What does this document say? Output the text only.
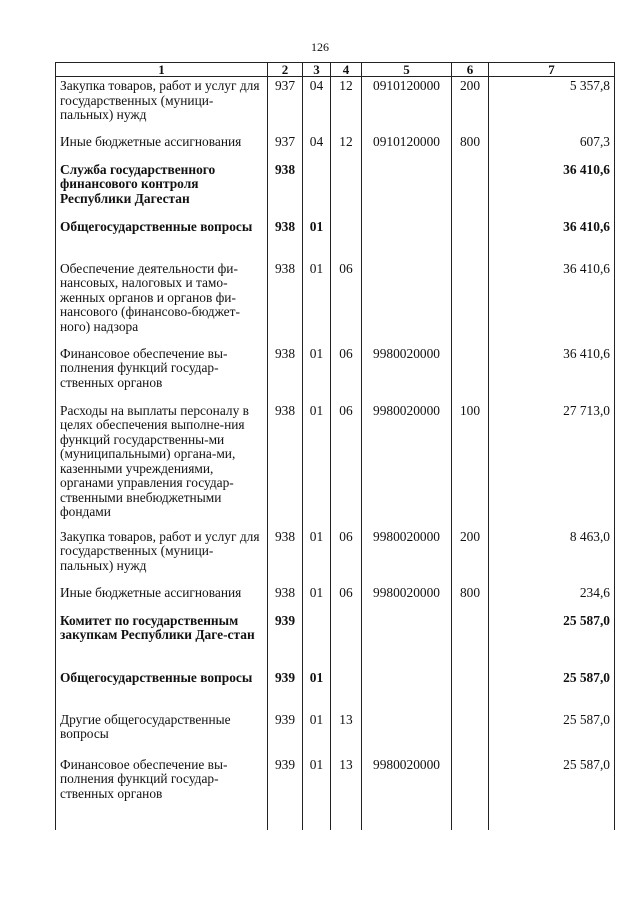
126
1	2	3	4	5	6	7
Закупка товаров, работ и услуг для государственных (муници-пальных) нужд	937	04	12	0910120000	200	5 357,8
Иные бюджетные ассигнования	937	04	12	0910120000	800	607,3
Служба государственного финансового контроля Республики Дагестан	938					36 410,6
Общегосударственные вопросы	938	01				36 410,6
Обеспечение деятельности фи-нансовых, налоговых и тамо-женных органов и органов фи-нансового (финансово-бюджет-ного) надзора	938	01	06			36 410,6
Финансовое обеспечение вы-полнения функций государ-ственных органов	938	01	06	9980020000		36 410,6
Расходы на выплаты персоналу в целях обеспечения выполне-ния функций государственны-ми (муниципальными) органа-ми, казенными учреждениями, органами управления государ-ственными внебюджетными фондами	938	01	06	9980020000	100	27 713,0
Закупка товаров, работ и услуг для государственных (муници-пальных) нужд	938	01	06	9980020000	200	8 463,0
Иные бюджетные ассигнования	938	01	06	9980020000	800	234,6
Комитет по государственным закупкам Республики Даге-стан	939					25 587,0
Общегосударственные вопросы	939	01				25 587,0
Другие общегосударственные вопросы	939	01	13			25 587,0
Финансовое обеспечение вы-полнения функций государ-ственных органов	939	01	13	9980020000		25 587,0
